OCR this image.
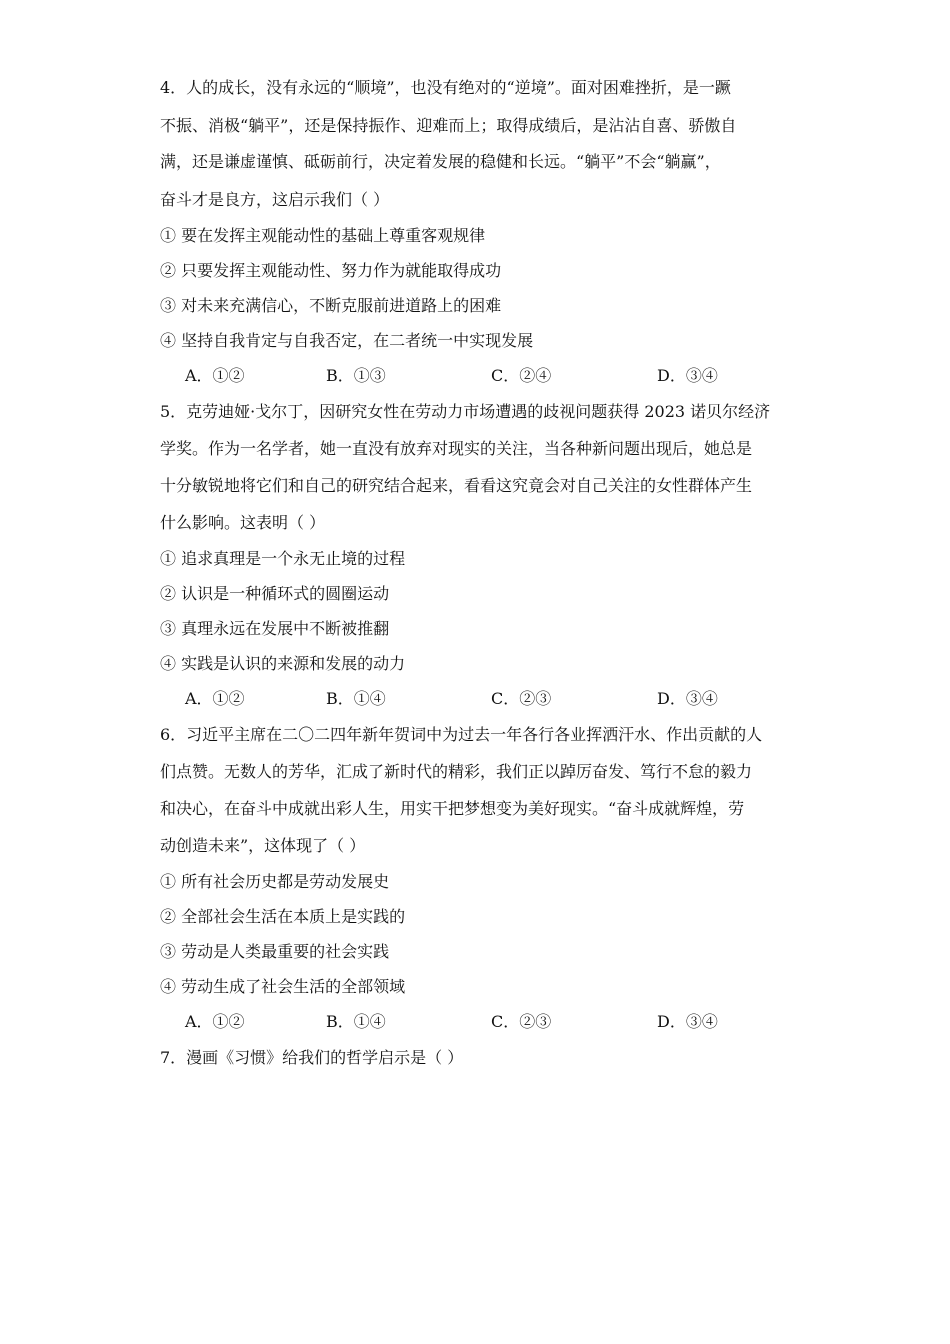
4．人的成长，没有永远的“顺境”，也没有绝对的“逆境”。面对困难挫折，是一蹶
不振、消极“躺平”，还是保持振作、迎难而上；取得成绩后，是沾沾自喜、骄傲自
满，还是谦虚谨慎、砥砺前行，决定着发展的稳健和长远。“躺平”不会“躺赢”，
奋斗才是良方，这启示我们（ ）
① 要在发挥主观能动性的基础上尊重客观规律
② 只要发挥主观能动性、努力作为就能取得成功
③ 对未来充满信心，不断克服前进道路上的困难
④ 坚持自我肯定与自我否定，在二者统一中实现发展
A．①②	B．①③	C．②④	D．③④
5．克劳迪娅·戈尔丁，因研究女性在劳动力市场遭遇的歧视问题获得 2023 诺贝尔经济
学奖。作为一名学者，她一直没有放弃对现实的关注，当各种新问题出现后，她总是
十分敏锐地将它们和自己的研究结合起来，看看这究竟会对自己关注的女性群体产生
什么影响。这表明（ ）
① 追求真理是一个永无止境的过程
② 认识是一种循环式的圆圈运动
③ 真理永远在发展中不断被推翻
④ 实践是认识的来源和发展的动力
A．①②	B．①④	C．②③	D．③④
6．习近平主席在二〇二四年新年贺词中为过去一年各行各业挥洒汗水、作出贡献的人
们点赞。无数人的芳华，汇成了新时代的精彩，我们正以踔厉奋发、笃行不怠的毅力
和决心，在奋斗中成就出彩人生，用实干把梦想变为美好现实。“奋斗成就辉煌，劳
动创造未来”，这体现了（ ）
① 所有社会历史都是劳动发展史
② 全部社会生活在本质上是实践的
③ 劳动是人类最重要的社会实践
④ 劳动生成了社会生活的全部领域
A．①②	B．①④	C．②③	D．③④
7．漫画《习惯》给我们的哲学启示是（ ）
